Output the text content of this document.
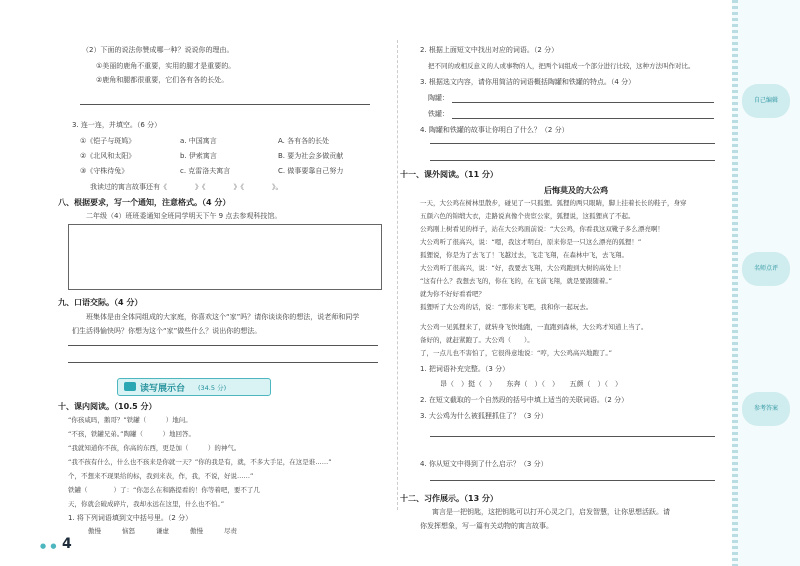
（2）下面的说法你赞成哪一种？说说你的理由。
①美丽的鹿角不重要，实用的腿才是重要的。
②鹿角和腿都很重要，它们各有各的长处。
3. 连一连，并填空。（6 分）
①《铠子与斑鸠》	a. 中国寓言	A. 各有各的长处
②《北风和太阳》	b. 伊索寓言	B. 要为社会多做贡献
③《守株待兔》	c. 克雷洛夫寓言	C. 做事要靠自己努力
我读过的寓言故事还有《　　　　》《　　　　》《　　　　》。
八、根据要求，写一个通知，注意格式。（4 分）
二年级（4）班班委通知全班同学明天下午 9 点去参观科技馆。
九、口语交际。（4 分）
班集体是由全体同组成的大家庭，你喜欢这个“家”吗？请你谈谈你的想法，说老师和同学
们生活得愉快吗？你想为这个“家”做些什么？说出你的想法。
读写展示台 (34.5 分)
十、课内阅读。（10.5 分）
“你孩咸吗，鹅哥？”铁罐（　　　）地问。
“不孩，铁罐兄弟。”陶罐（　　　）地回答。
“我就知道你不孩，你高的东西，更是加（　　　）的神气。
“我不孩有什么，什么也不孩来是你就一天？”你的我是有，就，不多大手足，在这是谁……”
个，不想来不现果给的标，我到来表，作，我，不说，好说……”
铁罐（　　　　）了：“你怎么在和路提看的！你等着吧，要不了几
天，你就会破成碎片，我却永远在这里，什么也不怕。”
1. 将下列词语填到文中括号里。（2 分）
傲慢	恼怒	谦虚	傲慢	尽责
● ● 4
2. 根据上面短文中找出对应的词语。（2 分）
把不同的或相反意义的人或事物的人，把两个词组成一个部分进行比较，这种方法叫作对比。
3. 根据选文内容，请你用简洁的词语概括陶罐和铁罐的特点。（4 分）
陶罐：
铁罐：
4. 陶罐和铁罐的故事让你明白了什么？（2 分）
十一、课外阅读。（11 分）
后悔莫及的大公鸡
一天，大公鸡在树林里散步，碰见了一只狐狸。狐狸的两只眼睛，脚上挂着长长的鞋子，身穿
五颜六色的锦缎大衣，走路说真像个贵宦公家，狐狸说，这狐狸真了不起。
公鸡刚上树看见的样子，站在大公鸡面前说：“大公鸡，你看我这双靴子多么漂亮啊！
大公鸡听了很高兴，说：“嗯，我这才明白，原来你是一只这么漂亮的狐狸！”
狐狸说，你是为了去飞了！飞越过去，飞走飞翔，在森林中飞，去飞翔。
大公鸡听了很高兴，说：“好，我要去飞翔，大公鸡跑到大树的高处上！
“这有什么？我想去飞的，你在飞的，在飞前飞翔，就是要跟随着。”
就为你不好好看看吧？
狐狸听了大公鸡的话，说：“那你来飞吧，我和你一起玩去。
大公鸡一见狐狸来了，就转身飞快地跑，一直跑到森林，大公鸡才知道上当了。
备好的，就赶紧跑了。大公鸡（　　）。
了，一点儿也不害怕了，它很得意地说：“哼，大公鸡高兴地跑了。”
1. 把词语补充完整。（3 分）
昂（　）挺（　）　　东奔（　）（　）　　五颜（　）（　）
2. 在短文截取的一个自然段的括号中填上适当的关联词语。（2 分）
3. 大公鸡为什么被狐狸抓住了？（3 分）
4. 你从短文中得到了什么启示？（3 分）
十二、习作展示。（13 分）
寓言是一把钥匙，这把钥匙可以打开心灵之门，启发智慧，让你思想活跃。请
你发挥想象，写一篇有关动物的寓言故事。
自己编辑
名师点评
参考答案
